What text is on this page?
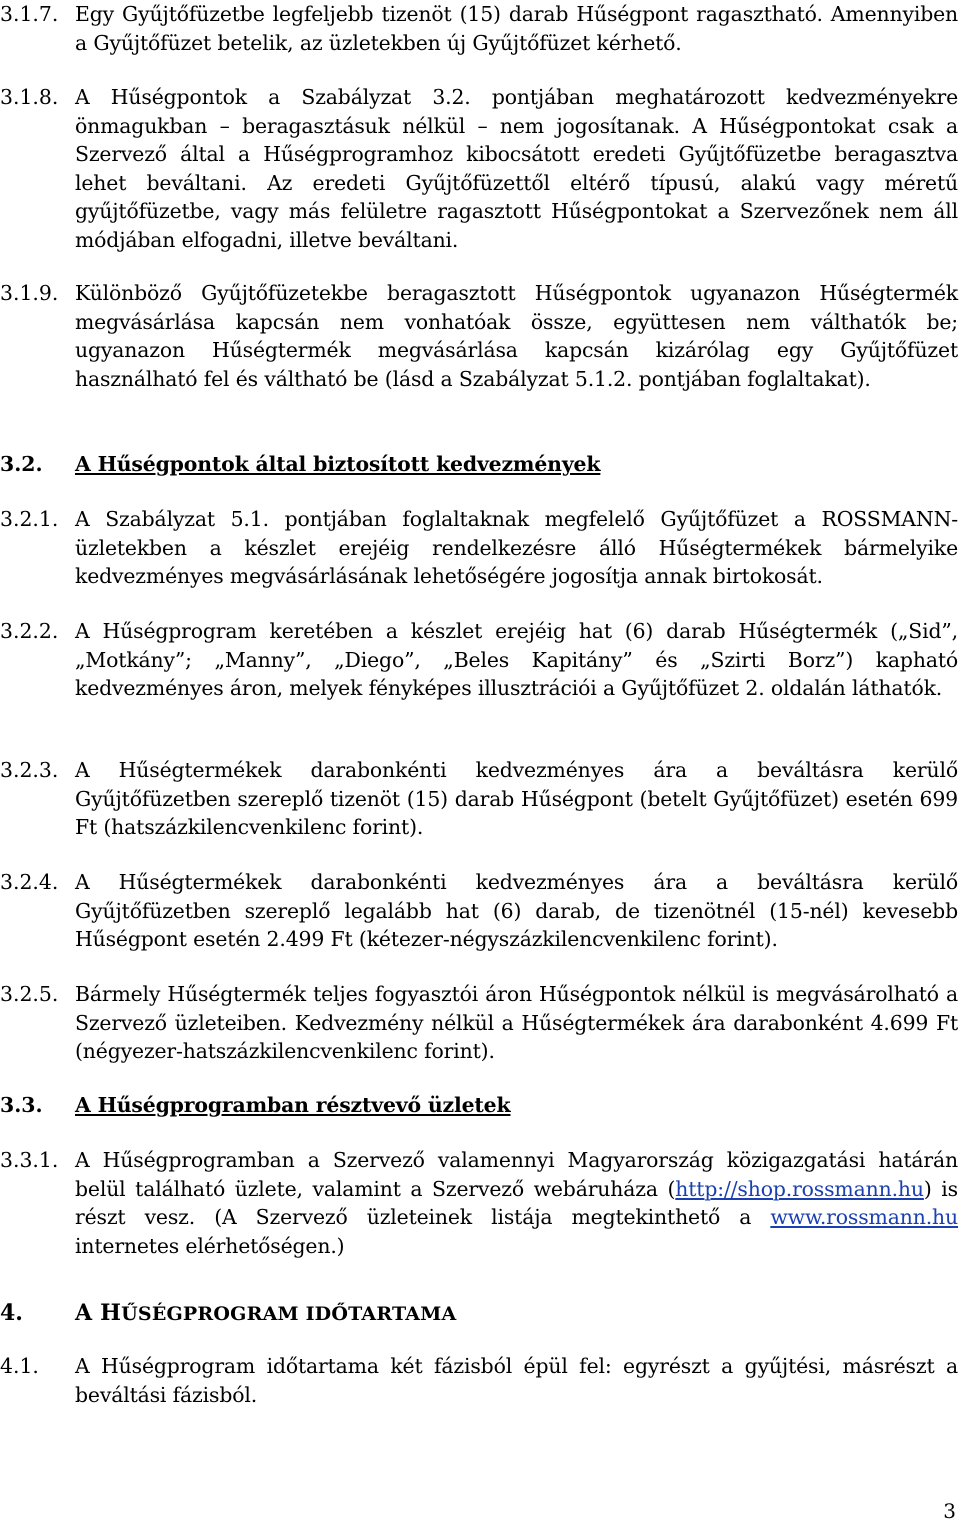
3.1.7. Egy Gyűjtőfüzetbe legfeljebb tizenöt (15) darab Hűségpont ragasztható. Amennyiben a Gyűjtőfüzet betelik, az üzletekben új Gyűjtőfüzet kérhető.
3.1.8. A Hűségpontok a Szabályzat 3.2. pontjában meghatározott kedvezményekre önmagukban – beragasztásuk nélkül – nem jogosítanak. A Hűségpontokat csak a Szervező által a Hűségprogramhoz kibocsátott eredeti Gyűjtőfüzetbe beragasztva lehet beváltani. Az eredeti Gyűjtőfüzettől eltérő típusú, alakú vagy méretű gyűjtőfüzetbe, vagy más felületre ragasztott Hűségpontokat a Szervezőnek nem áll módjában elfogadni, illetve beváltani.
3.1.9. Különböző Gyűjtőfüzetekbe beragasztott Hűségpontok ugyanazon Hűségtermék megvásárlása kapcsán nem vonhatóak össze, együttesen nem válthatók be; ugyanazon Hűségtermék megvásárlása kapcsán kizárólag egy Gyűjtőfüzet használható fel és váltható be (lásd a Szabályzat 5.1.2. pontjában foglaltakat).
3.2. A Hűségpontok által biztosított kedvezmények
3.2.1. A Szabályzat 5.1. pontjában foglaltaknak megfelelő Gyűjtőfüzet a ROSSMANN-üzletekben a készlet erejéig rendelkezésre álló Hűségtermékek bármelyike kedvezményes megvásárlásának lehetőségére jogosítja annak birtokosát.
3.2.2. A Hűségprogram keretében a készlet erejéig hat (6) darab Hűségtermék („Sid”, „Motkány”; „Manny”, „Diego”, „Beles Kapitány” és „Szirti Borz”) kapható kedvezményes áron, melyek fényképes illusztrációi a Gyűjtőfüzet 2. oldalán láthatók.
3.2.3. A Hűségtermékek darabonkénti kedvezményes ára a beváltásra kerülő Gyűjtőfüzetben szereplő tizenöt (15) darab Hűségpont (betelt Gyűjtőfüzet) esetén 699 Ft (hatszázkilencvenkilenc forint).
3.2.4. A Hűségtermékek darabonkénti kedvezményes ára a beváltásra kerülő Gyűjtőfüzetben szereplő legalább hat (6) darab, de tizenötnél (15-nél) kevesebb Hűségpont esetén 2.499 Ft (kétezer-négyszázkilencvenkilenc forint).
3.2.5. Bármely Hűségtermék teljes fogyasztói áron Hűségpontok nélkül is megvásárolható a Szervező üzleteiben. Kedvezmény nélkül a Hűségtermékek ára darabonként 4.699 Ft (négyezer-hatszázkilencvenkilenc forint).
3.3. A Hűségprogramban résztvevő üzletek
3.3.1. A Hűségprogramban a Szervező valamennyi Magyarország közigazgatási határán belül található üzlete, valamint a Szervező webáruháza (http://shop.rossmann.hu) is részt vesz. (A Szervező üzleteinek listája megtekinthető a www.rossmann.hu internetes elérhetőségen.)
4. A HŰSÉGPROGRAM IDŐTARTAMA
4.1. A Hűségprogram időtartama két fázisból épül fel: egyrészt a gyűjtési, másrészt a beváltási fázisból.
3
